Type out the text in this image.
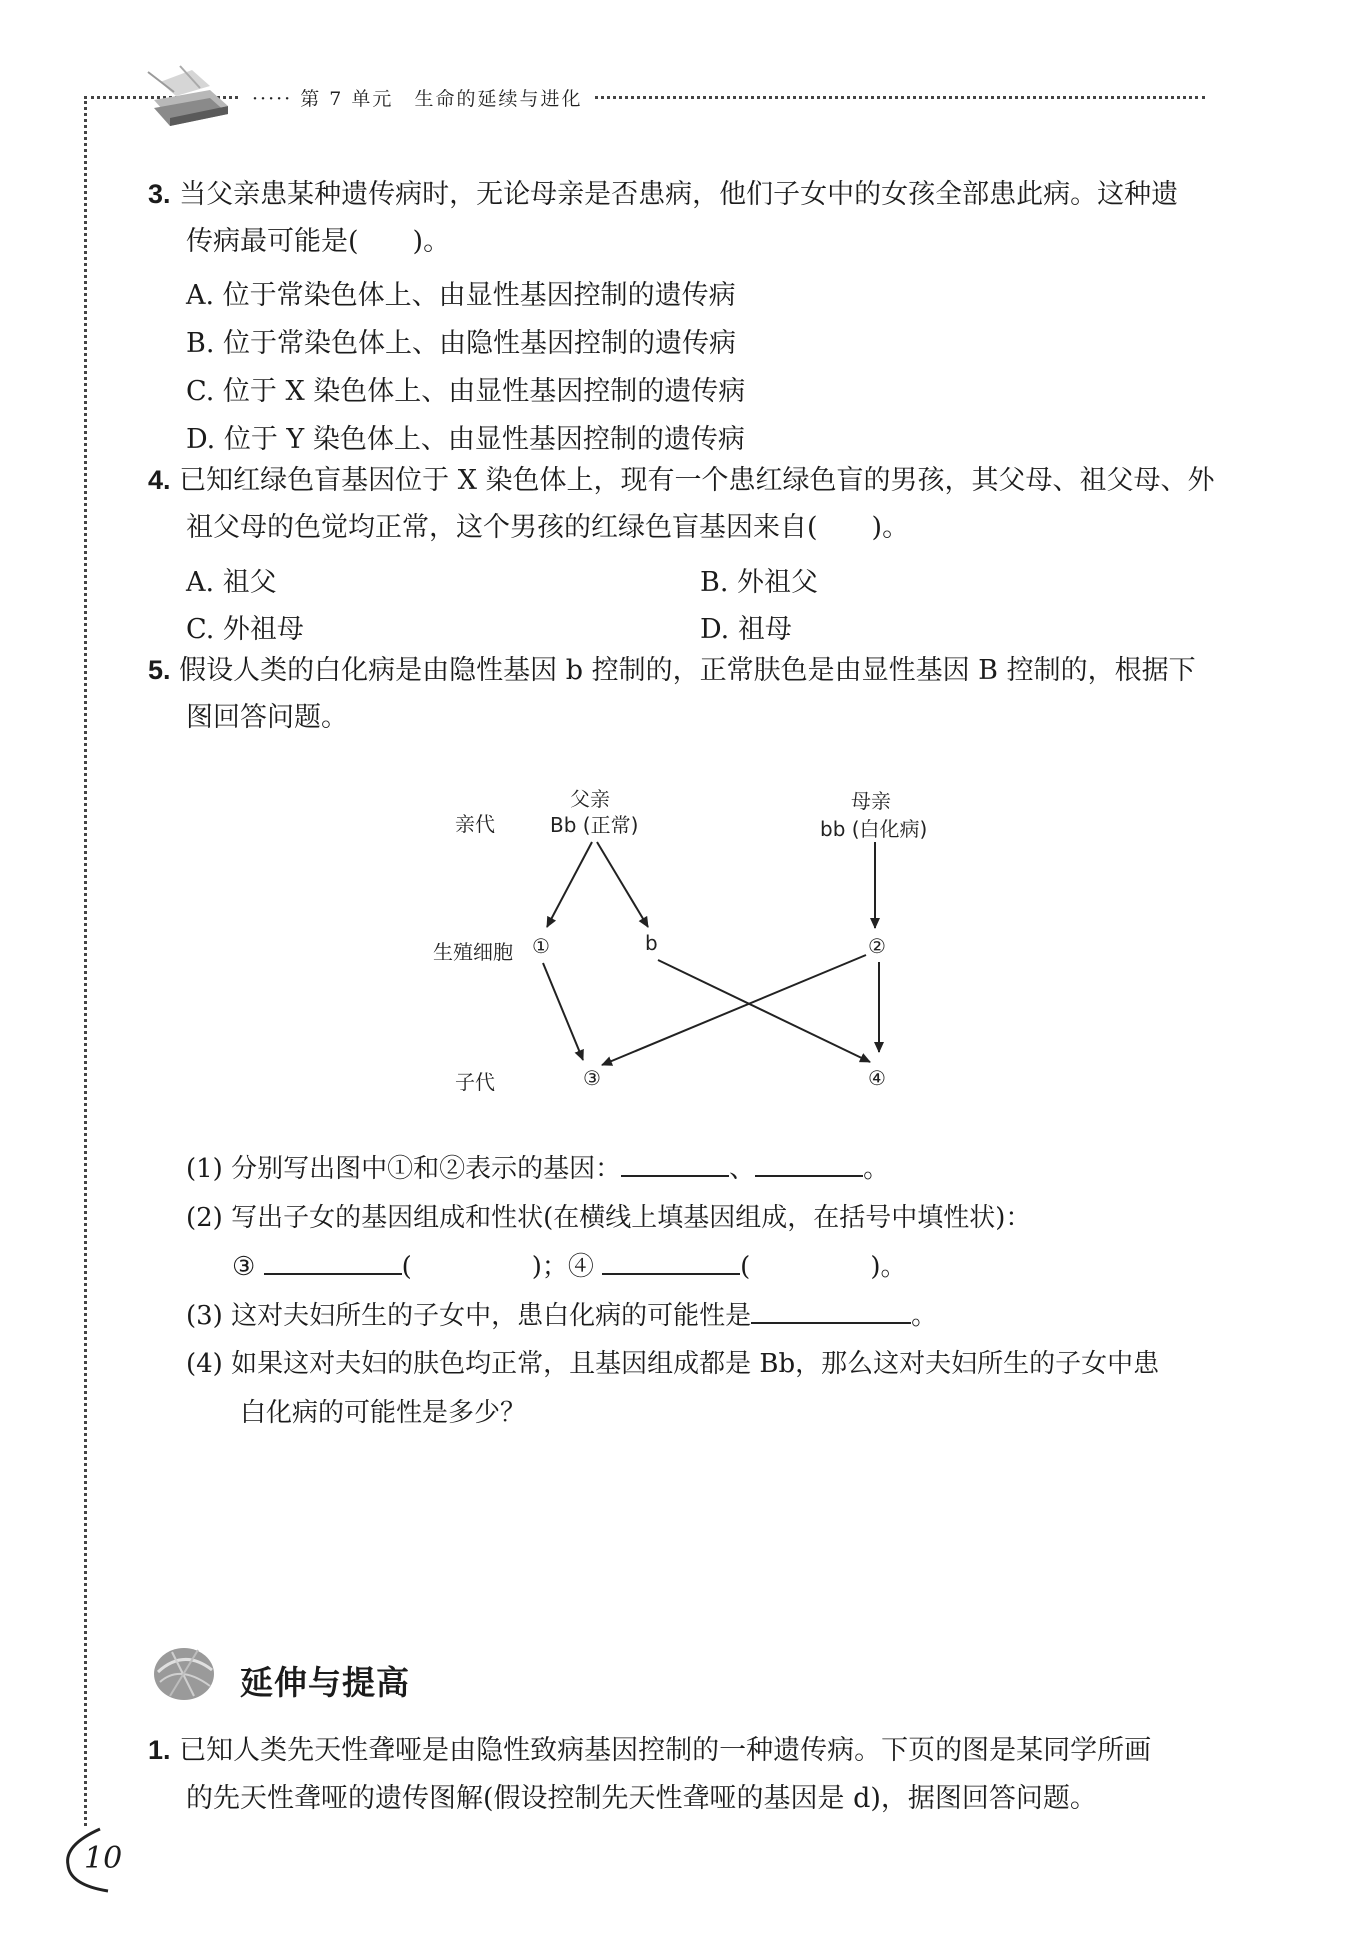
····· 第 7 单元　 生命的延续与进化
3. 当父亲患某种遗传病时，无论母亲是否患病，他们子女中的女孩全部患此病。这种遗
传病最可能是(　　)。
A. 位于常染色体上、由显性基因控制的遗传病
B. 位于常染色体上、由隐性基因控制的遗传病
C. 位于 X 染色体上、由显性基因控制的遗传病
D. 位于 Y 染色体上、由显性基因控制的遗传病
4. 已知红绿色盲基因位于 X 染色体上，现有一个患红绿色盲的男孩，其父母、祖父母、外
祖父母的色觉均正常，这个男孩的红绿色盲基因来自(　　)。
A. 祖父	B. 外祖父
C. 外祖母	D. 祖母
5. 假设人类的白化病是由隐性基因 b 控制的，正常肤色是由显性基因 B 控制的，根据下
图回答问题。
亲代
父亲
Bb (正常)
母亲
bb (白化病)
生殖细胞 ①	b	②
子代	③	④
(1) 分别写出图中①和②表示的基因：	、	。
(2) 写出子女的基因组成和性状(在横线上填基因组成，在括号中填性状)：
③	(	)；④	(	)。
(3) 这对夫妇所生的子女中，患白化病的可能性是	。
(4) 如果这对夫妇的肤色均正常，且基因组成都是 Bb，那么这对夫妇所生的子女中患
白化病的可能性是多少？
延伸与提高
1. 已知人类先天性聋哑是由隐性致病基因控制的一种遗传病。下页的图是某同学所画
的先天性聋哑的遗传图解(假设控制先天性聋哑的基因是 d)，据图回答问题。
10
